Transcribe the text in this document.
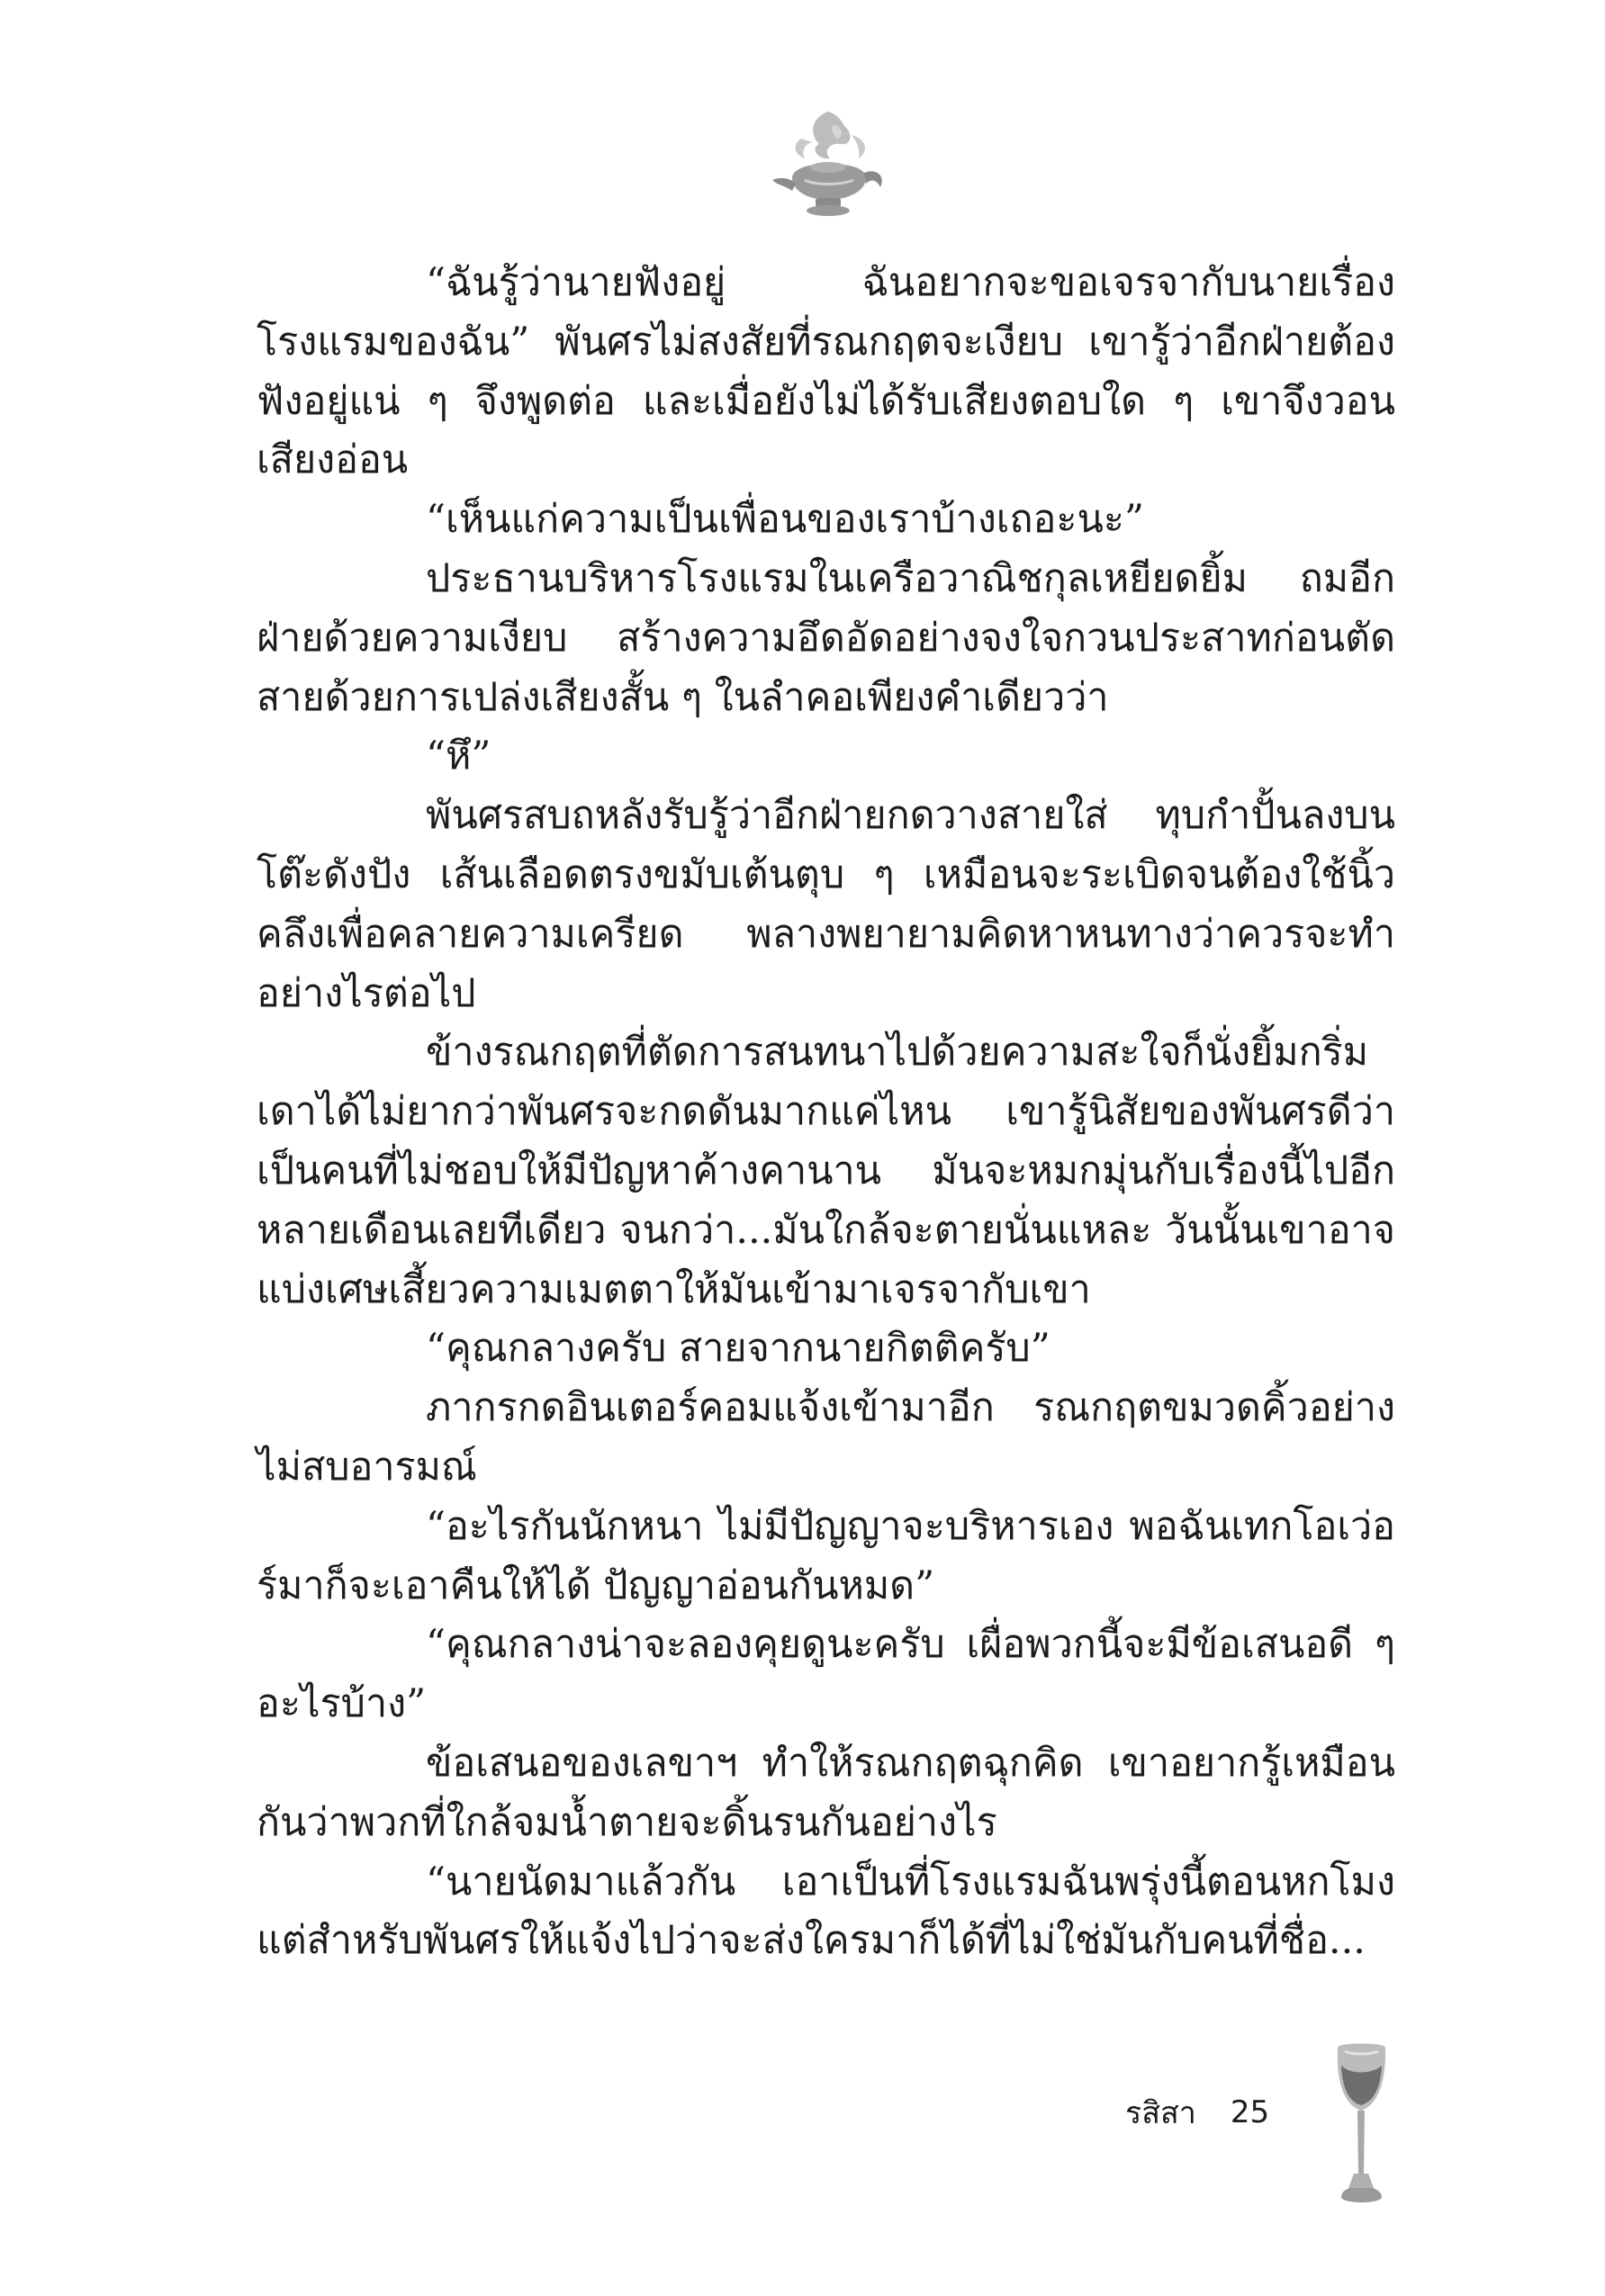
“ฉันรู้ว่านายฟังอยู่ ฉันอยากจะขอเจรจากับนายเรื่องโรงแรมของฉัน” พันศรไม่สงสัยที่รณกฤตจะเงียบ เขารู้ว่าอีกฝ่ายต้องฟังอยู่แน่ ๆ จึงพูดต่อ และเมื่อยังไม่ได้รับเสียงตอบใด ๆ เขาจึงวอนเสียงอ่อน

“เห็นแก่ความเป็นเพื่อนของเราบ้างเถอะนะ”

ประธานบริหารโรงแรมในเครือวาณิชกุลเหยียดยิ้ม ถมอีกฝ่ายด้วยความเงียบ สร้างความอึดอัดอย่างจงใจกวนประสาทก่อนตัดสายด้วยการเปล่งเสียงสั้น ๆ ในลำคอเพียงคำเดียวว่า

“หึ”

พันศรสบถหลังรับรู้ว่าอีกฝ่ายกดวางสายใส่ ทุบกำปั้นลงบนโต๊ะดังปัง เส้นเลือดตรงขมับเต้นตุบ ๆ เหมือนจะระเบิดจนต้องใช้นิ้วคลึงเพื่อคลายความเครียด พลางพยายามคิดหาหนทางว่าควรจะทำอย่างไรต่อไป

ข้างรณกฤตที่ตัดการสนทนาไปด้วยความสะใจก็นั่งยิ้มกริ่มเดาได้ไม่ยากว่าพันศรจะกดดันมากแค่ไหน เขารู้นิสัยของพันศรดีว่าเป็นคนที่ไม่ชอบให้มีปัญหาค้างคานาน มันจะหมกมุ่นกับเรื่องนี้ไปอีกหลายเดือนเลยทีเดียว จนกว่า...มันใกล้จะตายนั่นแหละ วันนั้นเขาอาจแบ่งเศษเสี้ยวความเมตตาให้มันเข้ามาเจรจากับเขา

“คุณกลางครับ สายจากนายกิตติครับ”

ภากรกดอินเตอร์คอมแจ้งเข้ามาอีก รณกฤตขมวดคิ้วอย่างไม่สบอารมณ์

“อะไรกันนักหนา ไม่มีปัญญาจะบริหารเอง พอฉันเทกโอเว่อร์มาก็จะเอาคืนให้ได้ ปัญญาอ่อนกันหมด”

“คุณกลางน่าจะลองคุยดูนะครับ เผื่อพวกนี้จะมีข้อเสนอดี ๆ อะไรบ้าง”

ข้อเสนอของเลขาฯ ทำให้รณกฤตฉุกคิด เขาอยากรู้เหมือนกันว่าพวกที่ใกล้จมน้ำตายจะดิ้นรนกันอย่างไร

“นายนัดมาแล้วกัน เอาเป็นที่โรงแรมฉันพรุ่งนี้ตอนหกโมงแต่สำหรับพันศรให้แจ้งไปว่าจะส่งใครมาก็ได้ที่ไม่ใช่มันกับคนที่ชื่อ...

รสิสา 25
